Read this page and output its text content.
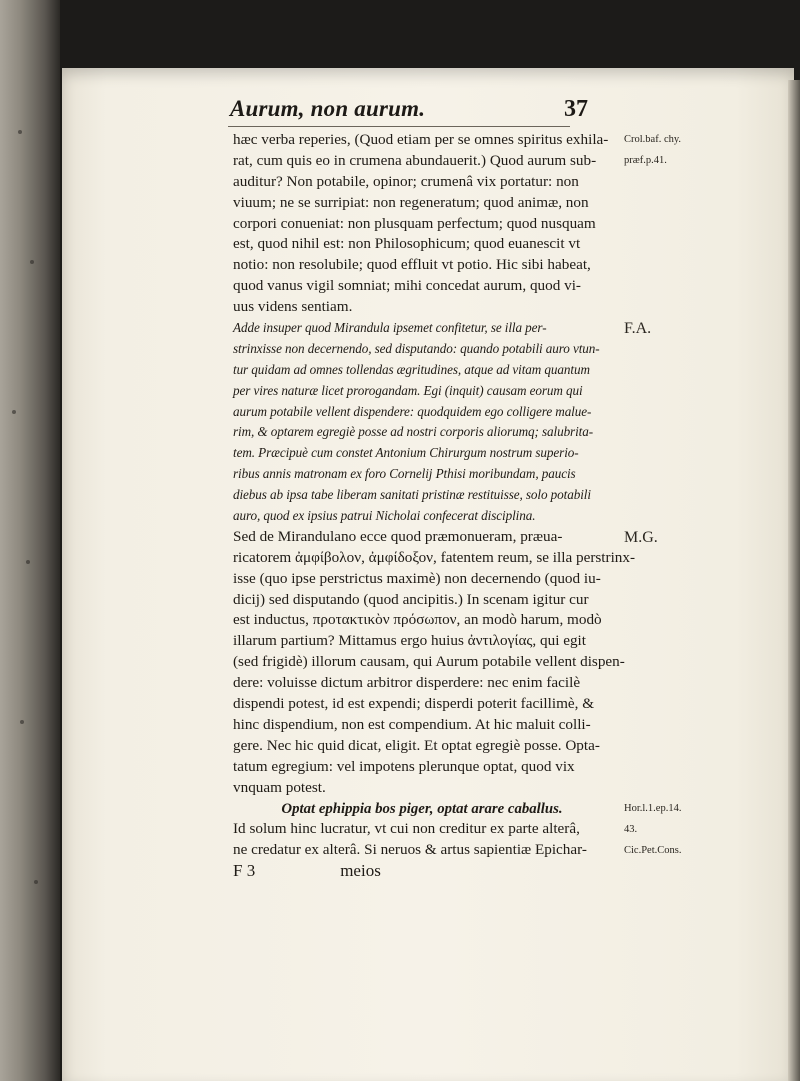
Aurum, non aurum.	37
hæc verba reperies, (Quod etiam per se omnes spiritus exhila-
rat, cum quis eo in crumena abundauerit.) Quod aurum sub-
auditur? Non potabile, opinor; crumenâ vix portatur: non
viuum; ne se surripiat: non regeneratum; quod animæ, non
corpori conueniat: non plusquam perfectum; quod nusquam
est, quod nihil est: non Philosophicum; quod euanescit vt
notio: non resolubile; quod effluit vt potio. Hic sibi habeat,
quod vanus vigil somniat; mihi concedat aurum, quod vi-
uus videns sentiam.
Adde insuper quod Mirandula ipsemet confitetur, se illa per-
strinxisse non decernendo, sed disputando: quando potabili auro vtun-
tur quidam ad omnes tollendas ægritudines, atque ad vitam quantum
per vires naturæ licet prorogandam. Egi (inquit) causam eorum qui
aurum potabile vellent dispendere: quodquidem ego colligere malue-
rim, & optarem egregiè posse ad nostri corporis aliorumq; salubrita-
tem. Præcipuè cum constet Antonium Chirurgum nostrum superio-
ribus annis matronam ex foro Cornelij Pthisi moribundam, paucis
diebus ab ipsa tabe liberam sanitati pristinæ restituisse, solo potabili
auro, quod ex ipsius patrui Nicholai confecerat disciplina.
Sed de Mirandulano ecce quod præmonueram, præua-
ricatorem ἀμφίβολον, ἀμφίδοξον, fatentem reum, se illa perstrinx-
isse (quo ipse perstrictus maximè) non decernendo (quod iu-
dicij) sed disputando (quod ancipitis.) In scenam igitur cur
est inductus, προτακτικὸν πρόσωπον, an modò harum, modò
illarum partium? Mittamus ergo huius ἀντιλογίας, qui egit
(sed frigidè) illorum causam, qui Aurum potabile vellent dispen-
dere: voluisse dictum arbitror disperdere: nec enim facilè
dispendi potest, id est expendi; disperdi poterit facillimè, &
hinc dispendium, non est compendium. At hic maluit colli-
gere. Nec hic quid dicat, eligit. Et optat egregiè posse. Opta-
tatum egregium: vel impotens plerunque optat, quod vix
vnquam potest.
Optat ephippia bos piger, optat arare caballus.
Id solum hinc lucratur, vt cui non creditur ex parte alterâ,
ne credatur ex alterâ. Si neruos & artus sapientiæ Epichar-
F 3                    meios
Crol.baf. chy.
præf.p.41.
F.A.
M.G.
Hor.l.1.ep.14.
43.
Cic.Pet.Cons.
